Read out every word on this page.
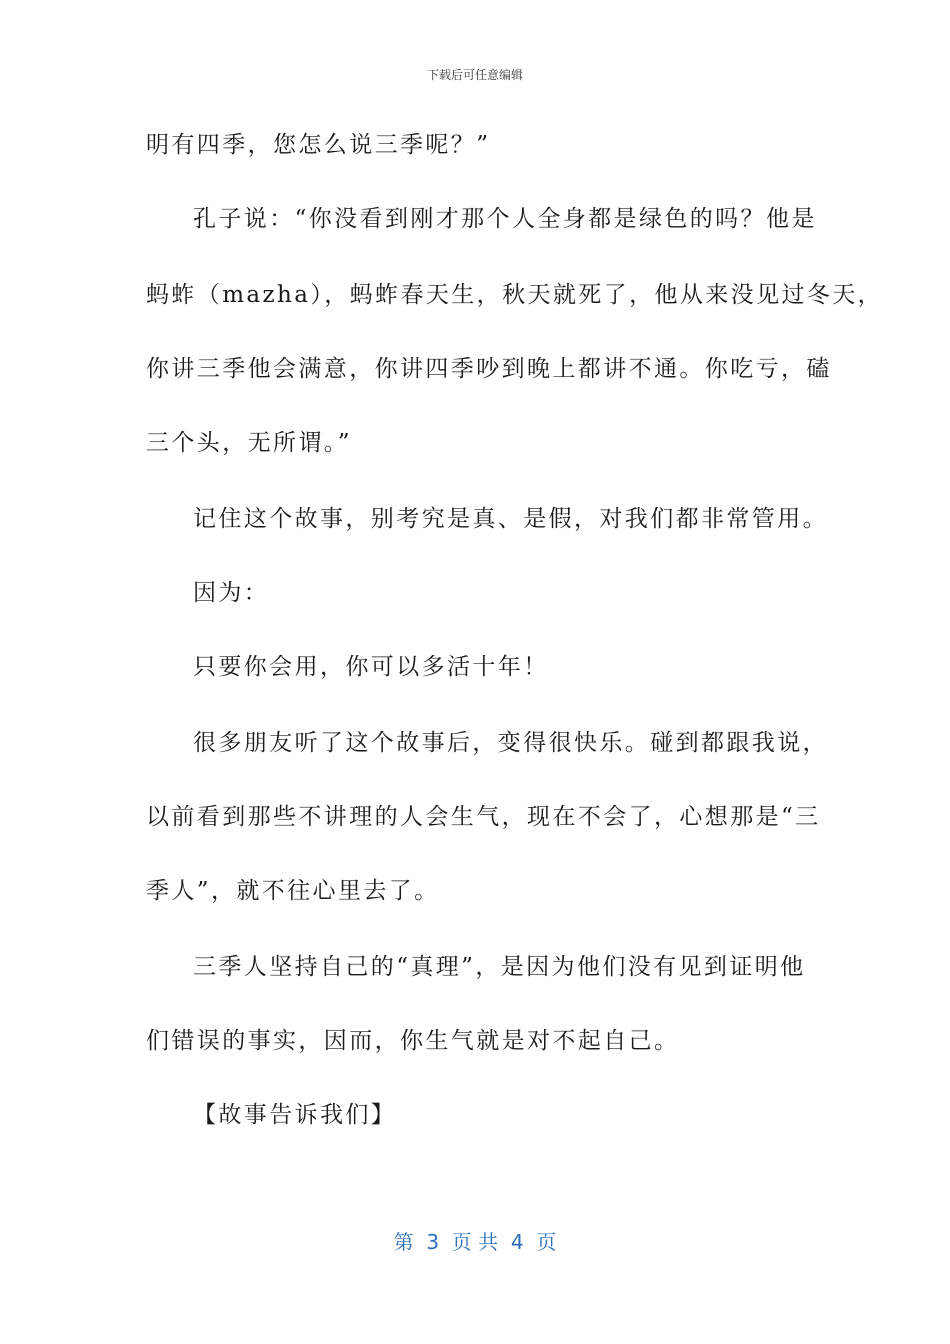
下载后可任意编辑

明有四季，您怎么说三季呢？”

孔子说：“你没看到刚才那个人全身都是绿色的吗？他是

蚂蚱（mazha），蚂蚱春天生，秋天就死了，他从来没见过冬天，

你讲三季他会满意，你讲四季吵到晚上都讲不通。你吃亏，磕

三个头，无所谓。”

记住这个故事，别考究是真、是假，对我们都非常管用。

因为：

只要你会用，你可以多活十年！

很多朋友听了这个故事后，变得很快乐。碰到都跟我说，

以前看到那些不讲理的人会生气，现在不会了，心想那是“三

季人”，就不往心里去了。

三季人坚持自己的“真理”，是因为他们没有见到证明他

们错误的事实，因而，你生气就是对不起自己。

【故事告诉我们】

第  3  页 共  4  页
